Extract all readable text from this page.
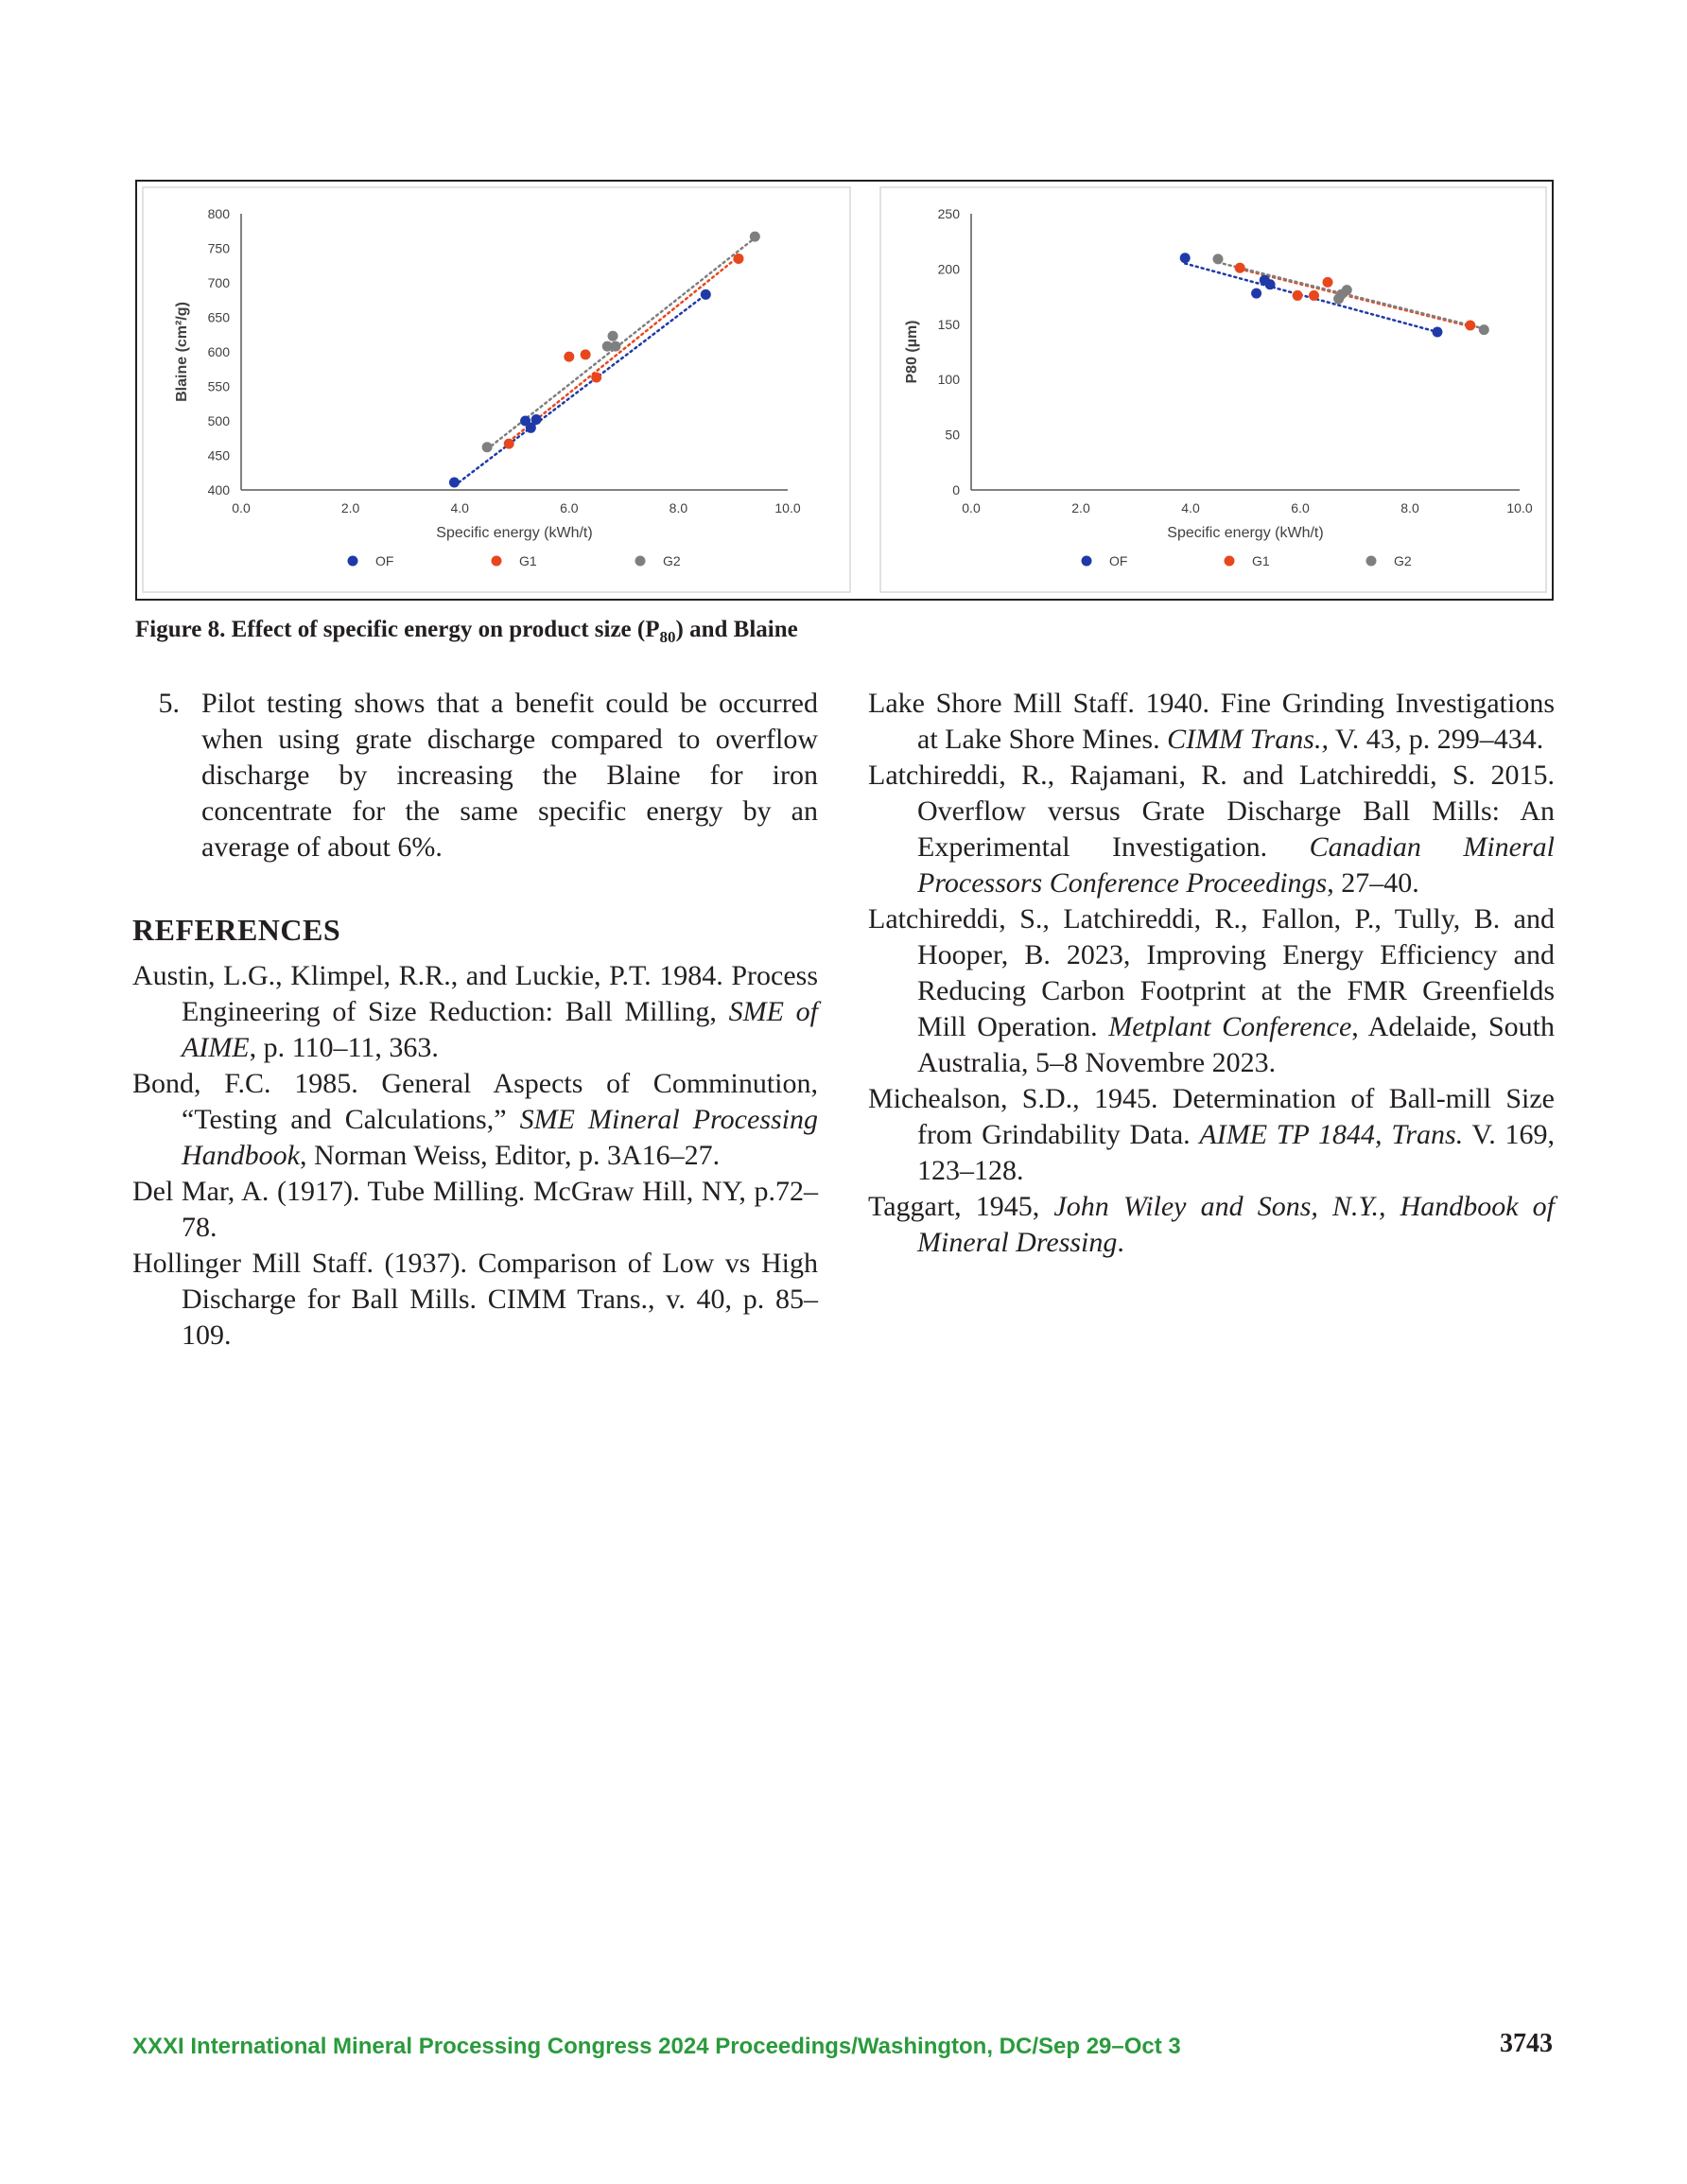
400
450
500
550
600
650
700
750
800
0.0	2.0	4.0	6.0	8.0	10.0
Specific energy (kWh/t)
Blaine (cm²/g)
OF	G1	G2
0
50
100
150
200
250
0.0	2.0	4.0	6.0	8.0	10.0
Specific energy (kWh/t)
P80 (µm)
OF	G1	G2
Figure 8. Effect of specific energy on product size $(P_{80})$ and Blaine
5. Pilot testing shows that a benefit could be occurred when using grate discharge compared to overflow discharge by increasing the Blaine for iron concentrate for the same specific energy by an average of about 6%.
REFERENCES
Austin, L.G., Klimpel, R.R., and Luckie, P.T. 1984. Process Engineering of Size Reduction: Ball Milling, SME of AIME, p. 110–11, 363.
Bond, F.C. 1985. General Aspects of Comminution, “Testing and Calculations,” SME Mineral Processing Handbook, Norman Weiss, Editor, p. 3A16–27.
Del Mar, A. (1917). Tube Milling. McGraw Hill, NY, p.72–78.
Hollinger Mill Staff. (1937). Comparison of Low vs High Discharge for Ball Mills. CIMM Trans., v. 40, p. 85–109.
Lake Shore Mill Staff. 1940. Fine Grinding Investigations at Lake Shore Mines. CIMM Trans., V. 43, p. 299–434.
Latchireddi, R., Rajamani, R. and Latchireddi, S. 2015. Overflow versus Grate Discharge Ball Mills: An Experimental Investigation. Canadian Mineral Processors Conference Proceedings, 27–40.
Latchireddi, S., Latchireddi, R., Fallon, P., Tully, B. and Hooper, B. 2023, Improving Energy Efficiency and Reducing Carbon Footprint at the FMR Greenfields Mill Operation. Metplant Conference, Adelaide, South Australia, 5–8 Novembre 2023.
Michealson, S.D., 1945. Determination of Ball-mill Size from Grindability Data. AIME TP 1844, Trans. V. 169, 123–128.
Taggart, 1945, John Wiley and Sons, N.Y., Handbook of Mineral Dressing.
XXXI International Mineral Processing Congress 2024 Proceedings/Washington, DC/Sep 29–Oct 3	3743
